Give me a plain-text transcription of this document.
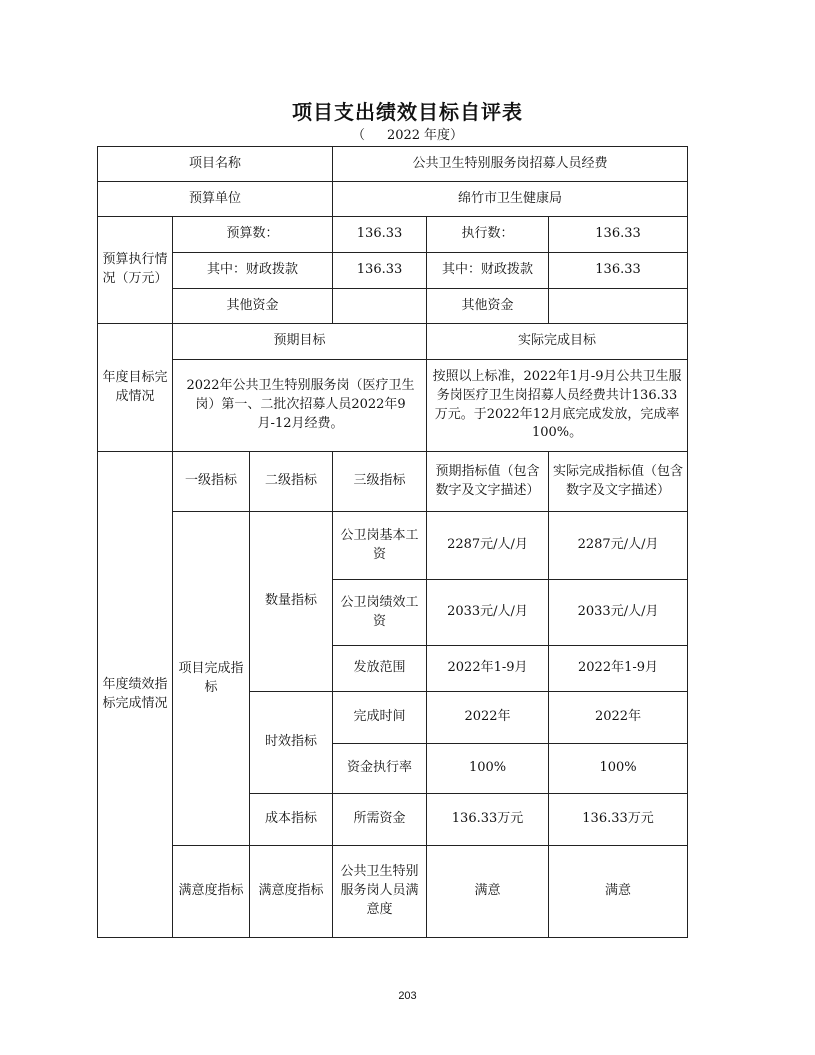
项目支出绩效目标自评表
（ 2022 年度）
项目名称			公共卫生特别服务岗招募人员经费		
预算单位			绵竹市卫生健康局		
预算执行情况（万元）	预算数：		136.33	执行数：	136.33
	其中：财政拨款		136.33	其中：财政拨款	136.33
	其他资金			其他资金	
年度目标完成情况	预期目标			实际完成目标	
	2022年公共卫生特别服务岗（医疗卫生岗）第一、二批次招募人员2022年9月-12月经费。			按照以上标准，2022年1月-9月公共卫生服务岗医疗卫生岗招募人员经费共计136.33万元。于2022年12月底完成发放，完成率100%。	
年度绩效指标完成情况	一级指标	二级指标	三级指标	预期指标值（包含数字及文字描述）	实际完成指标值（包含数字及文字描述）
	项目完成指标	数量指标	公卫岗基本工资	2287元/人/月	2287元/人/月
			公卫岗绩效工资	2033元/人/月	2033元/人/月
			发放范围	2022年1-9月	2022年1-9月
		时效指标	完成时间	2022年	2022年
			资金执行率	100%	100%
		成本指标	所需资金	136.33万元	136.33万元
	满意度指标	满意度指标	公共卫生特别服务岗人员满意度	满意	满意
203
